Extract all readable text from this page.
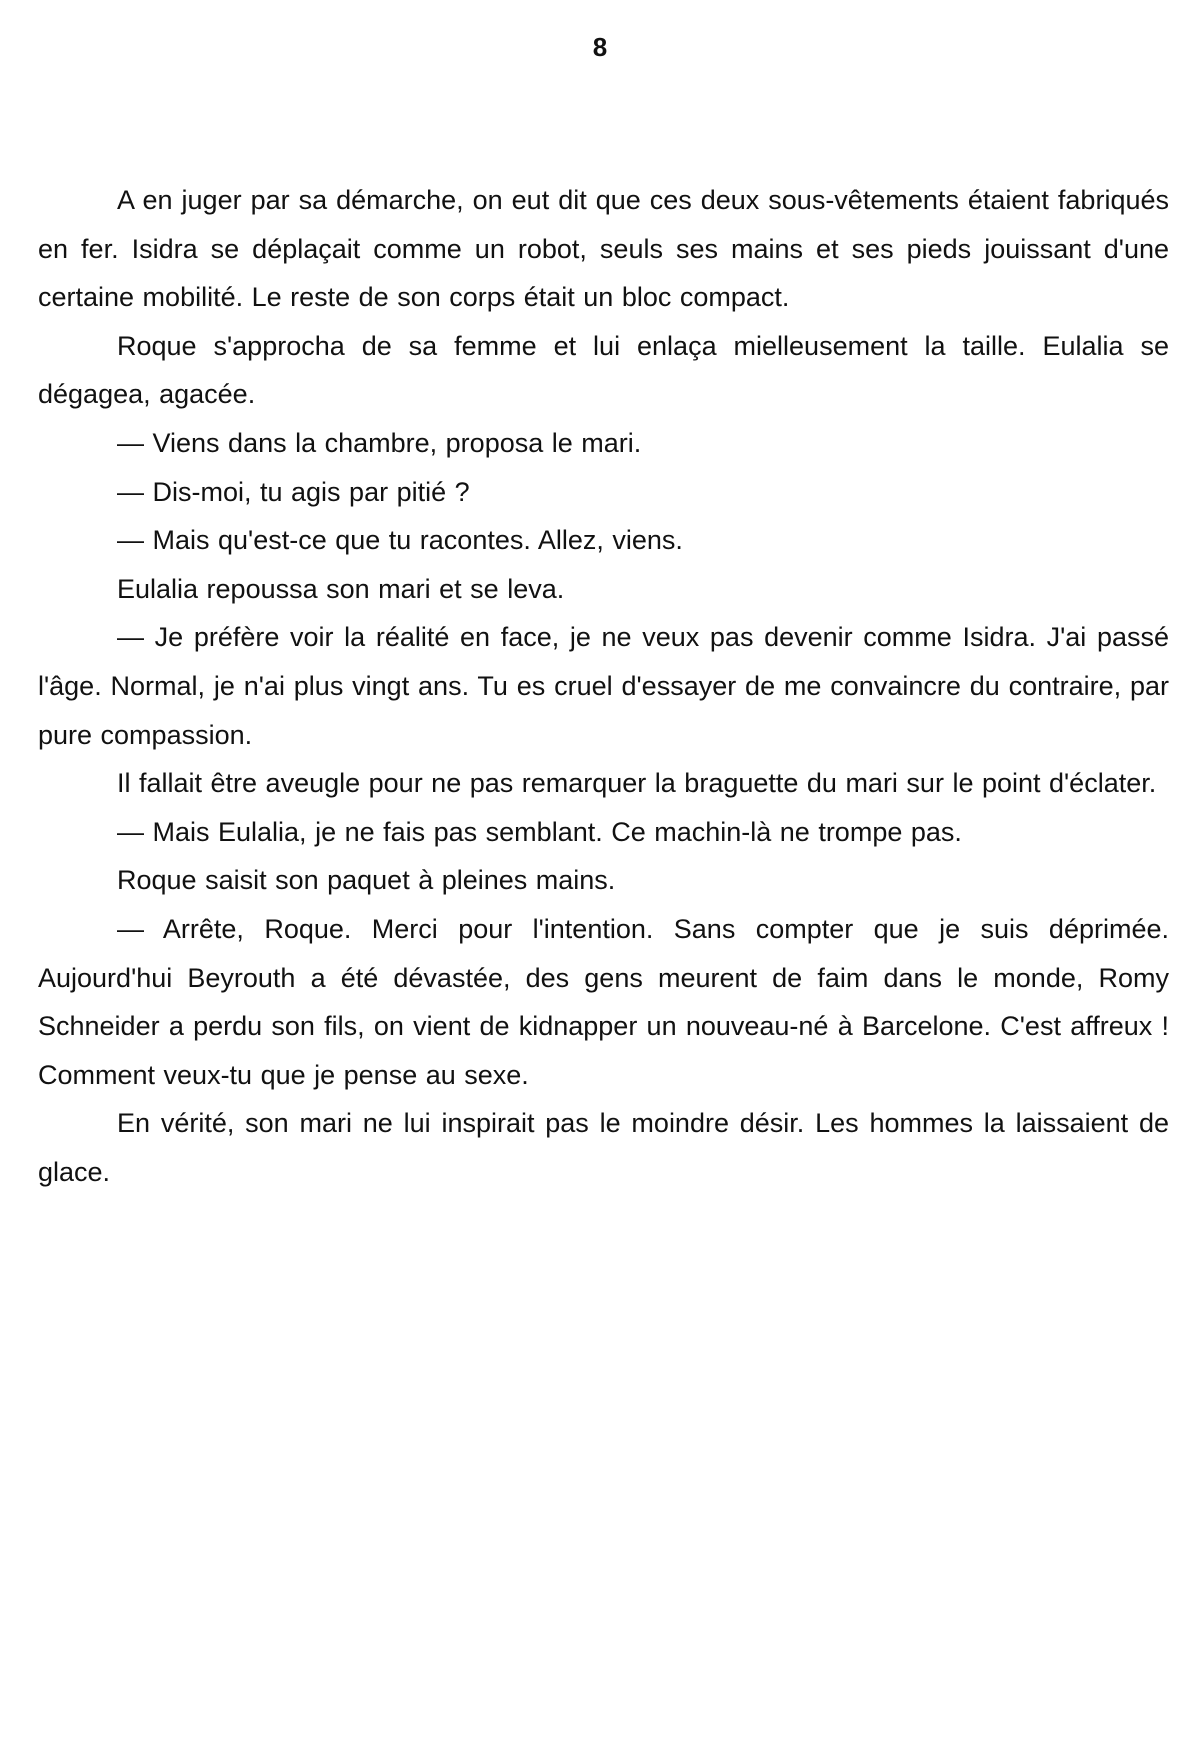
8

A en juger par sa démarche, on eut dit que ces deux sous-vêtements étaient fabriqués en fer. Isidra se déplaçait comme un robot, seuls ses mains et ses pieds jouissant d'une certaine mobilité. Le reste de son corps était un bloc compact.

Roque s'approcha de sa femme et lui enlaça mielleusement la taille. Eulalia se dégagea, agacée.

— Viens dans la chambre, proposa le mari.

— Dis-moi, tu agis par pitié ?

— Mais qu'est-ce que tu racontes. Allez, viens.

Eulalia repoussa son mari et se leva.

— Je préfère voir la réalité en face, je ne veux pas devenir comme Isidra. J'ai passé l'âge. Normal, je n'ai plus vingt ans. Tu es cruel d'essayer de me convaincre du contraire, par pure compassion.

Il fallait être aveugle pour ne pas remarquer la braguette du mari sur le point d'éclater.

— Mais Eulalia, je ne fais pas semblant. Ce machin-là ne trompe pas.

Roque saisit son paquet à pleines mains.

— Arrête, Roque. Merci pour l'intention. Sans compter que je suis déprimée. Aujourd'hui Beyrouth a été dévastée, des gens meurent de faim dans le monde, Romy Schneider a perdu son fils, on vient de kidnapper un nouveau-né à Barcelone. C'est affreux ! Comment veux-tu que je pense au sexe.

En vérité, son mari ne lui inspirait pas le moindre désir. Les hommes la laissaient de glace.
